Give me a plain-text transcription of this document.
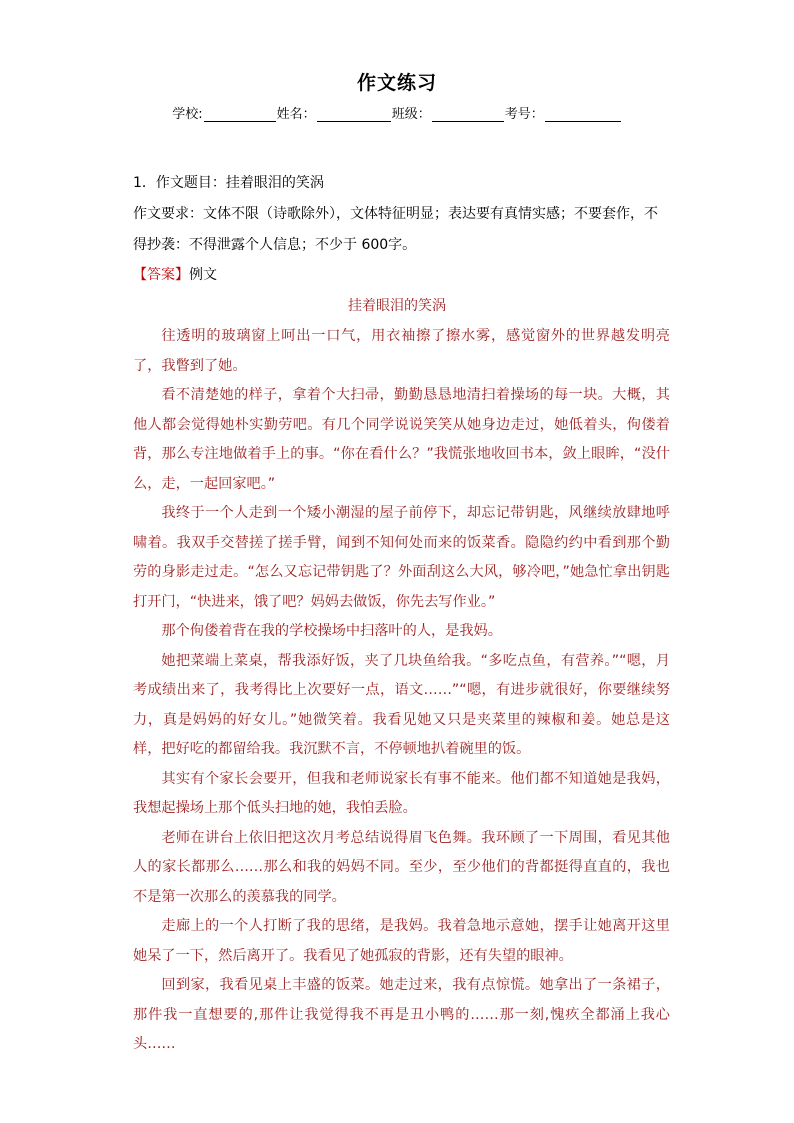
作文练习
学校:	姓名：	班级：	考号：
1．作文题目：挂着眼泪的笑涡
作文要求：文体不限（诗歌除外），文体特征明显；表达要有真情实感；不要套作，不
得抄袭：不得泄露个人信息；不少于 600字。
【答案】例文
挂着眼泪的笑涡

往透明的玻璃窗上呵出一口气，用衣袖擦了擦水雾，感觉窗外的世界越发明亮了，我瞥到了她。

看不清楚她的样子，拿着个大扫帚，勤勤恳恳地清扫着操场的每一块。大概，其他人都会觉得她朴实勤劳吧。有几个同学说说笑笑从她身边走过，她低着头，佝偻着背，那么专注地做着手上的事。“你在看什么？”我慌张地收回书本，敛上眼眸，“没什么，走，一起回家吧。”

我终于一个人走到一个矮小潮湿的屋子前停下，却忘记带钥匙，风继续放肆地呼啸着。我双手交替搓了搓手臂，闻到不知何处而来的饭菜香。隐隐约约中看到那个勤劳的身影走过走。“怎么又忘记带钥匙了？外面刮这么大风，够冷吧，”她急忙拿出钥匙打开门，“快进来，饿了吧？妈妈去做饭，你先去写作业。”

那个佝偻着背在我的学校操场中扫落叶的人，是我妈。

她把菜端上菜桌，帮我添好饭，夹了几块鱼给我。“多吃点鱼，有营养。”“嗯，月考成绩出来了，我考得比上次要好一点，语文……”“嗯，有进步就很好，你要继续努力，真是妈妈的好女儿。”她微笑着。我看见她又只是夹菜里的辣椒和姜。她总是这样，把好吃的都留给我。我沉默不言，不停顿地扒着碗里的饭。

其实有个家长会要开，但我和老师说家长有事不能来。他们都不知道她是我妈，我想起操场上那个低头扫地的她，我怕丢脸。

老师在讲台上依旧把这次月考总结说得眉飞色舞。我环顾了一下周围，看见其他人的家长都那么……那么和我的妈妈不同。至少，至少他们的背都挺得直直的，我也不是第一次那么的羡慕我的同学。

走廊上的一个人打断了我的思绪，是我妈。我着急地示意她，摆手让她离开这里她呆了一下，然后离开了。我看见了她孤寂的背影，还有失望的眼神。

回到家，我看见桌上丰盛的饭菜。她走过来，我有点惊慌。她拿出了一条裙子，那件我一直想要的,那件让我觉得我不再是丑小鸭的……那一刻,愧疚全都涌上我心头……
